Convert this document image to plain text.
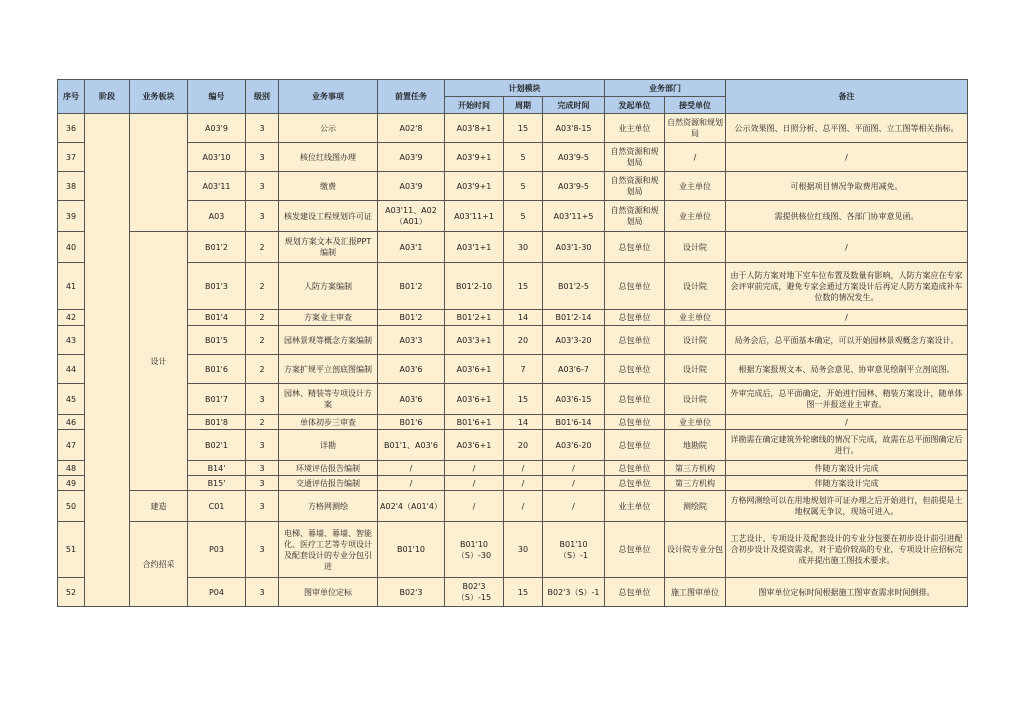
序号	阶段	业务板块	编号	级别	业务事项	前置任务	计划模块			业务部门		备注
							开始时间	周期	完成时间	发起单位	接受单位	
36			A03'9	3	公示	A02'8	A03'8+1	15	A03'8-15	业主单位	自然资源和规划局	公示效果图、日照分析、总平图、平面图、立工图等相关指标。
37			A03'10	3	核位红线图办理	A03'9	A03'9+1	5	A03'9-5	自然资源和规划局	/	/
38			A03'11	3	缴费	A03'9	A03'9+1	5	A03'9-5	自然资源和规划局	业主单位	可根据项目情况争取费用减免。
39			A03	3	核发建设工程规划许可证	A03'11、A02（A01）	A03'11+1	5	A03'11+5	自然资源和规划局	业主单位	需提供核位红线图、各部门协审意见函。
40		设计	B01'2	2	规划方案文本及汇报PPT编制	A03'1	A03'1+1	30	A03'1-30	总包单位	设计院	/
41			B01'3	2	人防方案编制	B01'2	B01'2-10	15	B01'2-5	总包单位	设计院	由于人防方案对地下室车位布置及数量有影响，人防方案应在专家会评审前完成，避免专家会通过方案设计后再定人防方案造成补车位数的情况发生。
42			B01'4	2	方案业主审查	B01'2	B01'2+1	14	B01'2-14	总包单位	业主单位	/
43			B01'5	2	园林景观等概念方案编制	A03'3	A03'3+1	20	A03'3-20	总包单位	设计院	局务会后，总平面基本确定，可以开始园林景观概念方案设计。
44			B01'6	2	方案扩规平立剖底图编制	A03'6	A03'6+1	7	A03'6-7	总包单位	设计院	根据方案报规文本、局务会意见、协审意见绘制平立剖底图。
45			B01'7	3	园林、精装等专项设计方案	A03'6	A03'6+1	15	A03'6-15	总包单位	设计院	外审完成后，总平面确定，开始进行园林、精装方案设计，随单体图一并报送业主审查。
46			B01'8	2	单体初步三审查	B01'6	B01'6+1	14	B01'6-14	总包单位	业主单位	/
47			B02'1	3	详勘	B01'1、A03'6	A03'6+1	20	A03'6-20	总包单位	地勘院	详勘需在确定建筑外轮廓线的情况下完成，故需在总平面图确定后进行。
48			B14'	3	环境评估报告编制	/	/	/	/	总包单位	第三方机构	件随方案设计完成
49			B15'	3	交通评估报告编制	/	/	/	/	总包单位	第三方机构	伴随方案设计完成
50		建造	C01	3	方格网测绘	A02'4（A01'4）	/	/	/	业主单位	测绘院	方格网测绘可以在用地规划许可证办理之后开始进行，但前提是土地权属无争议，现场可进入。
51		合约招采	P03	3	电梯、幕墙、幕墙、智能化、医疗工艺等专项设计及配套设计的专业分包引进	B01'10	B01'10（S）-30	30	B01'10（S）-1	总包单位	设计院专业分包	工艺设计、专项设计及配套设计的专业分包要在初步设计前引进配合初步设计及提资需求，对于造价较高的专业，专项设计应招标完成并提出施工图技术要求。
52			P04	3	图审单位定标	B02'3	B02'3（S）-15	15	B02'3（S）-1	总包单位	施工图审单位	图审单位定标时间根据施工图审查需求时间倒排。
